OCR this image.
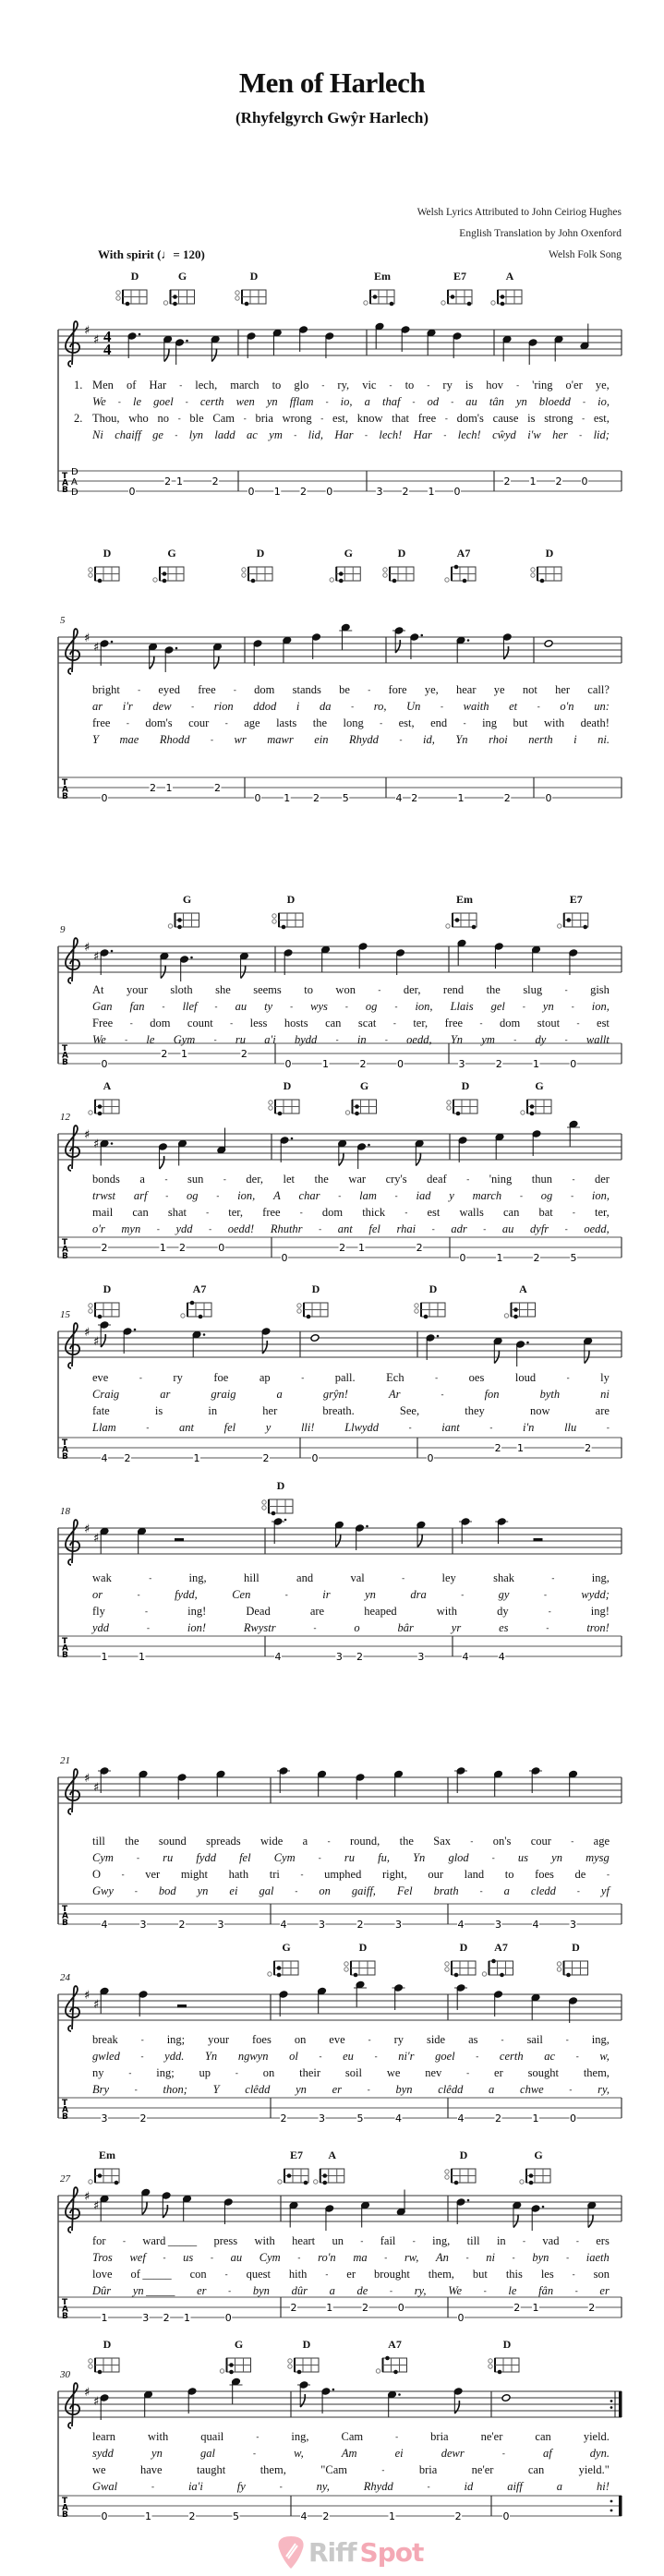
Men of Harlech
(Rhyfelgyrch Gwŷr Harlech)
Welsh Lyrics Attributed to John Ceiriog Hughes
English Translation by John Oxenford
Welsh Folk Song
With spirit (♩= 120)
T A B
♯
♯ 4
4
D
A
D	0
2 1	2
0 1 2 0	3 2 1 0
2 1 2 0
T A B
♯
♯
0
2 1	2
0 1 2 5	4 2	1	2	0
T A B
♯
♯
0
2 1	2
0	1	2	0	3	2	1	0
T A B
♯
♯
2	1 2	0
0
2 1	2
0	1	2	5
T A B
♯
♯
4 2	1	2	0	0
2 1	2
T A B
♯
♯
1	1	4	3 2	3	4	4
T A B
♯
♯
4	3	2	3	4	3	2	3	4	3	4	3
T A B
♯
♯
3	2	2	3	5	4	4	2	1	0
T A B
♯
♯
1	3 2 1	0
2	1	2	0
0
2 1	2
T A B
♯
♯
0	1	2	5	4 2	1	2	0
D	G	D	Em	E7	A
Men of Har - lech, march to glo - ry, vic - to - ry is hov - 'ring o'er ye,
1.
We - le goel - certh wen yn fflam - io, a thaf - od - au tân yn bloedd - io,
Thou, who no - ble Cam - bria wrong - est, know that free - dom's cause is strong - est,
2.
Ni chaiff ge - lyn ladd ac ym - lid, Har - lech! Har - lech! cŵyd i'w her - lid;
5
D	G	D	G	D	A7	D
bright - eyed free - dom stands be - fore ye, hear ye not her call?
ar i'r dew - rion ddod i da - ro, Un - waith et - o'n un:
free - dom's cour - age lasts the long - est, end - ing but with death!
Y mae Rhodd	- wr mawr ein Rhydd	- id, Yn rhoi nerth i ni.
9
G	D	Em	E7
At your sloth she seems to won	- der, rend the slug	- gish
Gan fan - llef - au ty - wys - og - ion, Llais gel - yn - ion,
Free - dom count - less hosts can scat - ter, free - dom stout - est
We - le Gym - ru a'i bydd - in - oedd, Yn ym - dy - wallt
12
A	D	G	D	G
bonds a - sun - der, let the war cry's deaf - 'ning thun - der
trwst arf - og - ion, A char - lam - iad y march - og - ion,
mail can shat - ter, free - dom thick - est walls can bat - ter,
o'r myn - ydd - oedd! Rhuthr - ant fel rhai - adr - au dyfr - oedd,
15
D	A7	D	D	A
eve	-	ry	foe	ap	-	pall.	Ech	-	oes	loud	-	ly
Craig	ar	graig	a	grŷn!	Ar	-	fon	byth	ni
fate	is	in	her	breath.	See,	they	now	are
Llam	-	ant	fel	y	lli!	Llwydd	-	iant	-	i'n	llu	-
18
D
wak	-	ing,	hill	and	val	-	ley	shak	-	ing,
or	-	fydd,	Cen	-	ir	yn	dra	-	gy	-	wydd;
fly	-	ing!	Dead	are	heaped	with	dy	-	ing!
ydd	-	ion!	Rwystr	-	o	bâr	yr	es	-	tron!
21
till the sound spreads wide a - round, the Sax - on's cour - age
Cym	- ru fydd fel Cym	- ru fu, Yn glod	- us yn mysg
O	- ver might hath tri	- umphed right, our land to foes de	-
Gwy	- bod yn ei gal	- on gaiff, Fel brath	- a cledd	- yf
24
G	D	D A7	D
break	- ing; your foes on eve	- ry side as	- sail	- ing,
gwled	- ydd. Yn ngwyn ol	- eu	- ni'r goel	- certh ac	- w,
ny	- ing; up	- on their soil we nev	- er sought them,
Bry	- thon; Y clêdd yn er	- byn clêdd a chwe	- ry,
27
Em	E7 A	D	G
for - ward _____ press with heart un - fail - ing, till in - vad - ers
Tros wef - us - au Cym - ro'n ma - rw, An - ni - byn - iaeth
love of _____ con - quest hith - er brought them, but this les - son
Dûr yn _____ er	- byn dûr a de	- ry, We	- le fân	- er
30
D	G	D	A7	D
learn	with	quail	-	ing,	Cam	-	bria	ne'er	can	yield.
sydd	yn	gal	-	w,	Am	ei	dewr	-	af	dyn.
we	have	taught	them,	"Cam	-	bria	ne'er	can	yield."
Gwal	-	ia'i	fy	-	ny,	Rhydd	-	id	aiff	a	hi!
Riff Spot
